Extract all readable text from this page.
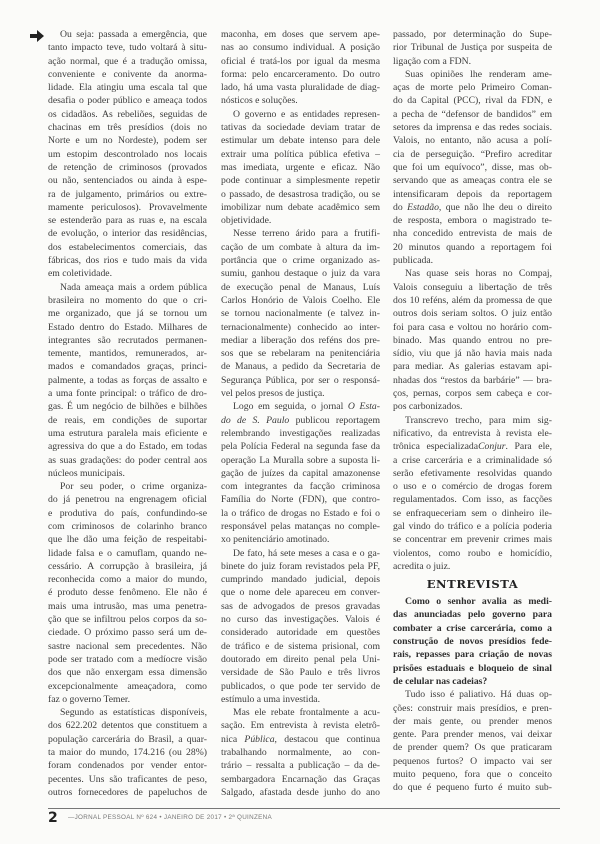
Ou seja: passada a emergência, que
tanto impacto teve, tudo voltará à situ-
ação normal, que é a tradução omissa,
conveniente e conivente da anorma-
lidade. Ela atingiu uma escala tal que
desafia o poder público e ameaça todos
os cidadãos. As rebeliões, seguidas de
chacinas em três presídios (dois no
Norte e um no Nordeste), podem ser
um estopim descontrolado nos locais
de retenção de criminosos (provados
ou não, sentenciados ou ainda à espe-
ra de julgamento, primários ou extre-
mamente periculosos). Provavelmente
se estenderão para as ruas e, na escala
de evolução, o interior das residências,
dos estabelecimentos comerciais, das
fábricas, dos rios e tudo mais da vida
em coletividade.
Nada ameaça mais a ordem pública
brasileira no momento do que o cri-
me organizado, que já se tornou um
Estado dentro do Estado. Milhares de
integrantes são recrutados permanen-
temente, mantidos, remunerados, ar-
mados e comandados graças, princi-
palmente, a todas as forças de assalto e
a uma fonte principal: o tráfico de dro-
gas. É um negócio de bilhões e bilhões
de reais, em condições de suportar
uma estrutura paralela mais eficiente e
agressiva do que a do Estado, em todas
as suas gradações: do poder central aos
núcleos municipais.
Por seu poder, o crime organiza-
do já penetrou na engrenagem oficial
e produtiva do país, confundindo-se
com criminosos de colarinho branco
que lhe dão uma feição de respeitabi-
lidade falsa e o camuflam, quando ne-
cessário. A corrupção à brasileira, já
reconhecida como a maior do mundo,
é produto desse fenômeno. Ele não é
mais uma intrusão, mas uma penetra-
ção que se infiltrou pelos corpos da so-
ciedade. O próximo passo será um de-
sastre nacional sem precedentes. Não
pode ser tratado com a medíocre visão
dos que não enxergam essa dimensão
excepcionalmente ameaçadora, como
faz o governo Temer.
Segundo as estatísticas disponíveis,
dos 622.202 detentos que constituem a
população carcerária do Brasil, a quar-
ta maior do mundo, 174.216 (ou 28%)
foram condenados por vender entor-
pecentes. Uns são traficantes de peso,
outros fornecedores de papeluchos de
maconha, em doses que servem ape-
nas ao consumo individual. A posição
oficial é tratá-los por igual da mesma
forma: pelo encarceramento. Do outro
lado, há uma vasta pluralidade de diag-
nósticos e soluções.
O governo e as entidades represen-
tativas da sociedade deviam tratar de
estimular um debate intenso para dele
extrair uma política pública efetiva –
mas imediata, urgente e eficaz. Não
pode continuar a simplesmente repetir
o passado, de desastrosa tradição, ou se
imobilizar num debate acadêmico sem
objetividade.
Nesse terreno árido para a frutifi-
cação de um combate à altura da im-
portância que o crime organizado as-
sumiu, ganhou destaque o juiz da vara
de execução penal de Manaus, Luís
Carlos Honório de Valois Coelho. Ele
se tornou nacionalmente (e talvez in-
ternacionalmente) conhecido ao inter-
mediar a liberação dos reféns dos pre-
sos que se rebelaram na penitenciária
de Manaus, a pedido da Secretaria de
Segurança Pública, por ser o responsá-
vel pelos presos de justiça.
Logo em seguida, o jornal O Esta-
do de S. Paulo publicou reportagem
relembrando investigações realizadas
pela Polícia Federal na segunda fase da
operação La Muralla sobre a suposta li-
gação de juízes da capital amazonense
com integrantes da facção criminosa
Família do Norte (FDN), que contro-
la o tráfico de drogas no Estado e foi o
responsável pelas matanças no comple-
xo penitenciário amotinado.
De fato, há sete meses a casa e o ga-
binete do juiz foram revistados pela PF,
cumprindo mandado judicial, depois
que o nome dele apareceu em conver-
sas de advogados de presos gravadas
no curso das investigações. Valois é
considerado autoridade em questões
de tráfico e de sistema prisional, com
doutorado em direito penal pela Uni-
versidade de São Paulo e três livros
publicados, o que pode ter servido de
estímulo a uma investida.
Mas ele rebate frontalmente a acu-
sação. Em entrevista à revista eletrô-
nica Pública, destacou que continua
trabalhando normalmente, ao con-
trário – ressalta a publicação – da de-
sembargadora Encarnação das Graças
Salgado, afastada desde junho do ano
passado, por determinação do Supe-
rior Tribunal de Justiça por suspeita de
ligação com a FDN.
Suas opiniões lhe renderam ame-
aças de morte pelo Primeiro Coman-
do da Capital (PCC), rival da FDN, e
a pecha de “defensor de bandidos” em
setores da imprensa e das redes sociais.
Valois, no entanto, não acusa a polí-
cia de perseguição. “Prefiro acreditar
que foi um equívoco”, disse, mas ob-
servando que as ameaças contra ele se
intensificaram depois da reportagem
do Estadão, que não lhe deu o direito
de resposta, embora o magistrado te-
nha concedido entrevista de mais de
20 minutos quando a reportagem foi
publicada.
Nas quase seis horas no Compaj,
Valois conseguiu a libertação de três
dos 10 reféns, além da promessa de que
outros dois seriam soltos. O juiz então
foi para casa e voltou no horário com-
binado. Mas quando entrou no pre-
sídio, viu que já não havia mais nada
para mediar. As galerias estavam api-
nhadas dos “restos da barbárie” — bra-
ços, pernas, corpos sem cabeça e cor-
pos carbonizados.
Transcrevo trecho, para mim sig-
nificativo, da entrevista à revista ele-
trônica especializadaConjur. Para ele,
a crise carcerária e a criminalidade só
serão efetivamente resolvidas quando
o uso e o comércio de drogas forem
regulamentados. Com isso, as facções
se enfraqueceriam sem o dinheiro ile-
gal vindo do tráfico e a polícia poderia
se concentrar em prevenir crimes mais
violentos, como roubo e homicídio,
acredita o juiz.
ENTREVISTA
Como o senhor avalia as medi-
das anunciadas pelo governo para
combater a crise carcerária, como a
construção de novos presídios fede-
rais, repasses para criação de novas
prisões estaduais e bloqueio de sinal
de celular nas cadeias?
Tudo isso é paliativo. Há duas op-
ções: construir mais presídios, e pren-
der mais gente, ou prender menos
gente. Para prender menos, vai deixar
de prender quem? Os que praticaram
pequenos furtos? O impacto vai ser
muito pequeno, fora que o conceito
do que é pequeno furto é muito sub-
2 —JORNAL PESSOAL Nº 624 • JANEIRO DE 2017 • 2ª QUINZENA
